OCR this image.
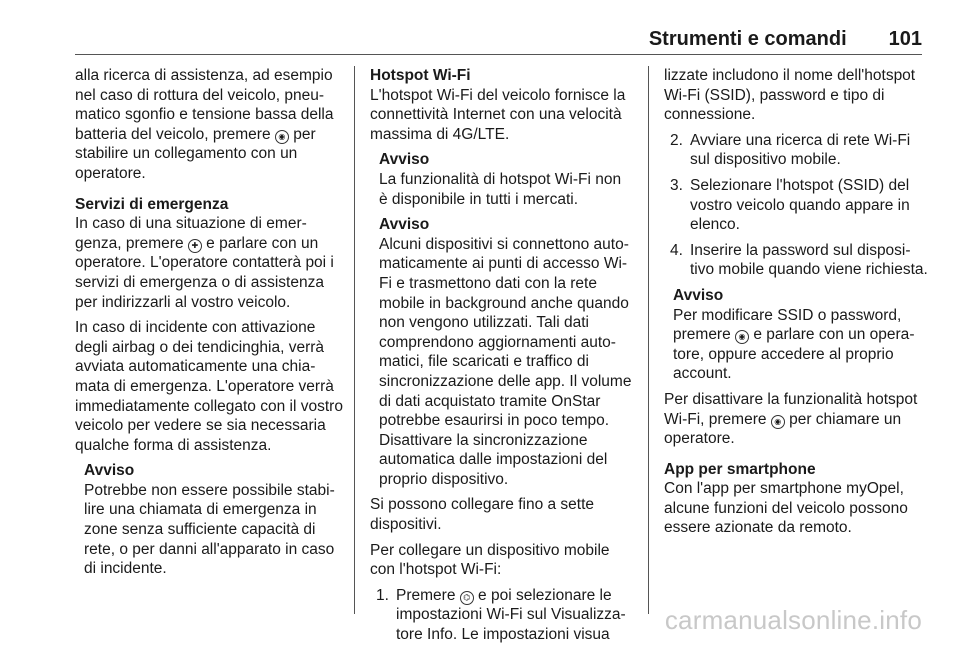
Strumenti e comandi 101

alla ricerca di assistenza, ad esempio nel caso di rottura del veicolo, pneumatico sgonfio e tensione bassa della batteria del veicolo, premere ◉ per stabilire un collegamento con un operatore.

Servizi di emergenza

In caso di una situazione di emergenza, premere ✚ e parlare con un operatore. L'operatore contatterà poi i servizi di emergenza o di assistenza per indirizzarli al vostro veicolo.

In caso di incidente con attivazione degli airbag o dei tendicinghia, verrà avviata automaticamente una chiamata di emergenza. L'operatore verrà immediatamente collegato con il vostro veicolo per vedere se sia necessaria qualche forma di assistenza.

Avviso

Potrebbe non essere possibile stabilire una chiamata di emergenza in zone senza sufficiente capacità di rete, o per danni all'apparato in caso di incidente.

Hotspot Wi-Fi

L'hotspot Wi-Fi del veicolo fornisce la connettività Internet con una velocità massima di 4G/LTE.

Avviso

La funzionalità di hotspot Wi-Fi non è disponibile in tutti i mercati.

Avviso

Alcuni dispositivi si connettono automaticamente ai punti di accesso Wi-Fi e trasmettono dati con la rete mobile in background anche quando non vengono utilizzati. Tali dati comprendono aggiornamenti automatici, file scaricati e traffico di sincronizzazione delle app. Il volume di dati acquistato tramite OnStar potrebbe esaurirsi in poco tempo. Disattivare la sincronizzazione automatica dalle impostazioni del proprio dispositivo.

Si possono collegare fino a sette dispositivi.

Per collegare un dispositivo mobile con l'hotspot Wi-Fi:

1. Premere ⌬ e poi selezionare le impostazioni Wi-Fi sul Visualizzatore Info. Le impostazioni visua

lizzate includono il nome dell'hotspot Wi-Fi (SSID), password e tipo di connessione.

2. Avviare una ricerca di rete Wi-Fi sul dispositivo mobile.
3. Selezionare l'hotspot (SSID) del vostro veicolo quando appare in elenco.
4. Inserire la password sul dispositivo mobile quando viene richiesta.

Avviso

Per modificare SSID o password, premere ◉ e parlare con un operatore, oppure accedere al proprio account.

Per disattivare la funzionalità hotspot Wi-Fi, premere ◉ per chiamare un operatore.

App per smartphone

Con l'app per smartphone myOpel, alcune funzioni del veicolo possono essere azionate da remoto.

carmanualsonline.info
